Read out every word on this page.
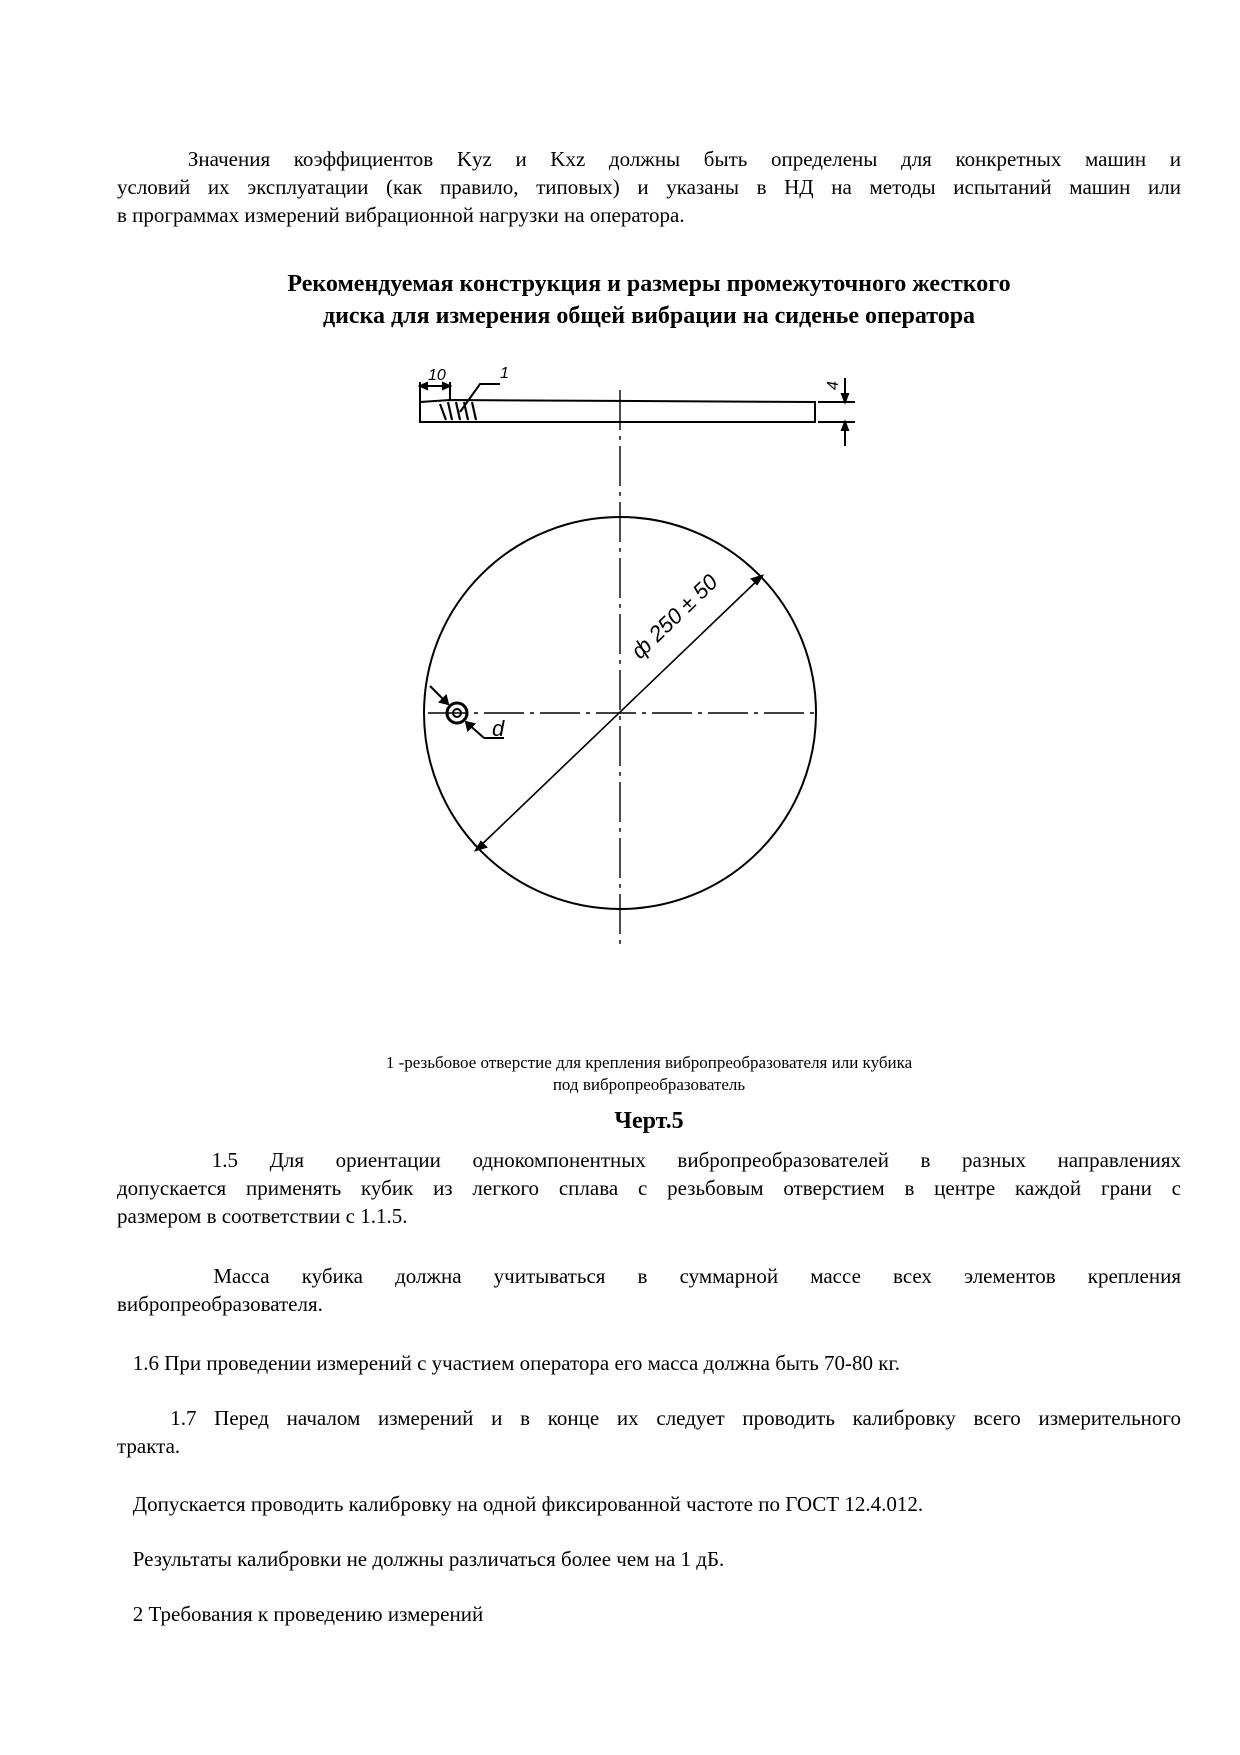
Значения коэффициентов Kyz и Kxz должны быть определены для конкретных машин и
условий их эксплуатации (как правило, типовых) и указаны в НД на методы испытаний машин или
в программах измерений вибрационной нагрузки на оператора.
Рекомендуемая конструкция и размеры промежуточного жесткого
диска для измерения общей вибрации на сиденье оператора
10	1
4
ф 250 ± 50
d
1 -резьбовое отверстие для крепления вибропреобразователя или кубика
под вибропреобразователь
Черт.5
1.5 Для ориентации однокомпонентных вибропреобразователей в разных направлениях
допускается применять кубик из легкого сплава с резьбовым отверстием в центре каждой грани с
размером в соответствии с 1.1.5.
Масса кубика должна учитываться в суммарной массе всех элементов крепления
вибропреобразователя.
1.6 При проведении измерений с участием оператора его масса должна быть 70-80 кг.
1.7 Перед началом измерений и в конце их следует проводить калибровку всего измерительного
тракта.
Допускается проводить калибровку на одной фиксированной частоте по ГОСТ 12.4.012.
Результаты калибровки не должны различаться более чем на 1 дБ.
2 Требования к проведению измерений
